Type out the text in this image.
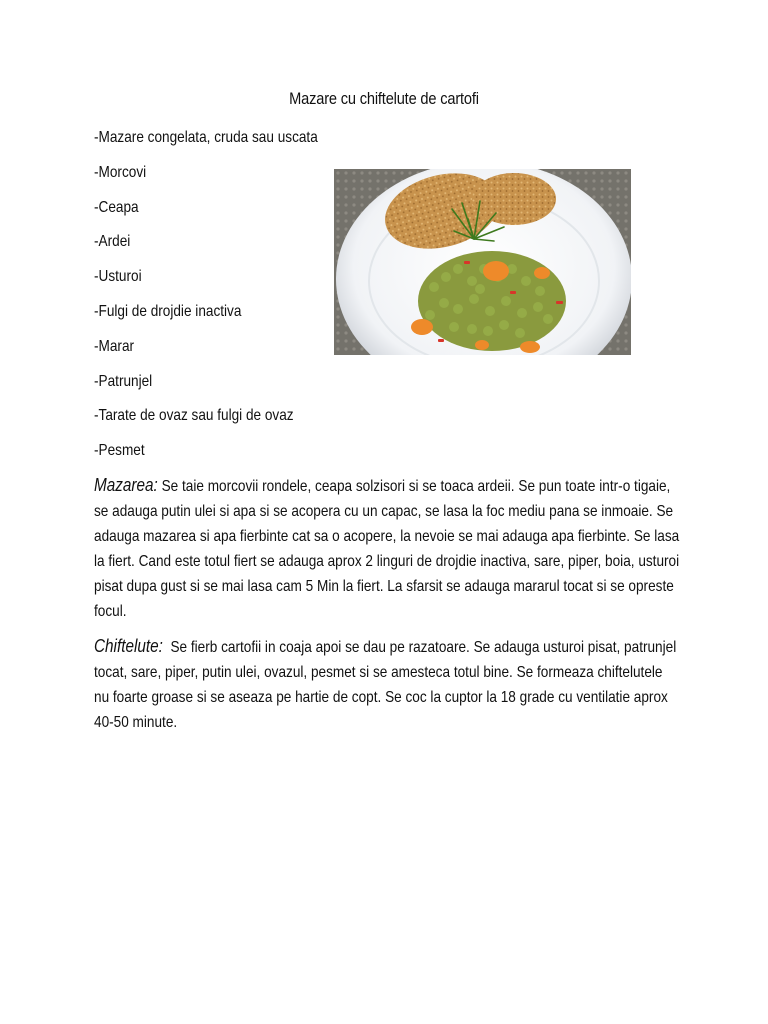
Mazare cu chiftelute de cartofi
-Mazare congelata, cruda sau uscata
-Morcovi
-Ceapa
-Ardei
-Usturoi
-Fulgi de drojdie inactiva
-Marar
-Patrunjel
-Tarate de ovaz sau fulgi de ovaz
-Pesmet
Mazarea: Se taie morcovii rondele, ceapa solzisori si se toaca ardeii. Se pun toate intr-o tigaie, se adauga putin ulei si apa si se acopera cu un capac, se lasa la foc mediu pana se inmoaie. Se adauga mazarea si apa fierbinte cat sa o acopere, la nevoie se mai adauga apa fierbinte. Se lasa la fiert. Cand este totul fiert se adauga aprox 2 linguri de drojdie inactiva, sare, piper, boia, usturoi pisat dupa gust si se mai lasa cam 5 Min la fiert. La sfarsit se adauga mararul tocat si se opreste focul.
Chiftelute: Se fierb cartofii in coaja apoi se dau pe razatoare. Se adauga usturoi pisat, patrunjel tocat, sare, piper, putin ulei, ovazul, pesmet si se amesteca totul bine. Se formeaza chiftelutele nu foarte groase si se aseaza pe hartie de copt. Se coc la cuptor la 18 grade cu ventilatie aprox 40-50 minute.
